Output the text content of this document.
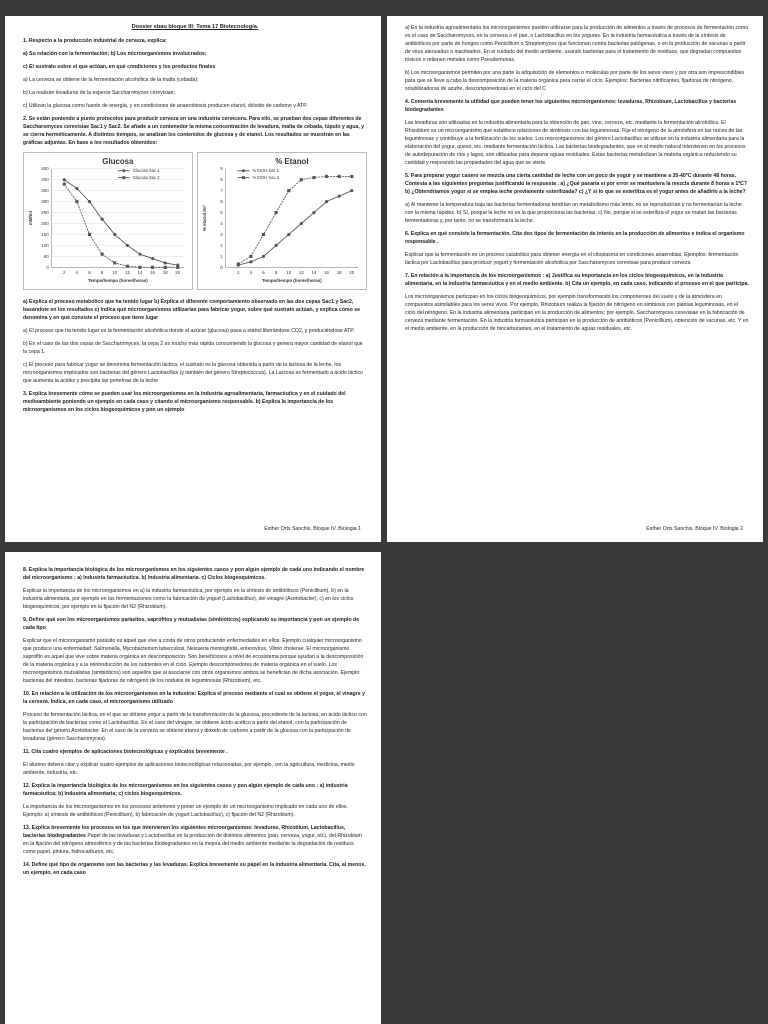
Dossier ebau bloque III: Tema 17 Biotecnología.

1. Respecto a la producción industrial de cerveza, explica:

a) Su relación con la fermentación; b) Los microorganismos involucrados;

c) El sustrato sobre el que actúan, en qué condiciones y los productos finales

a) La cerveza se obtiene de la fermentación alcohólica de la malta (cebada);

b) La realizan levaduras de la especie Saccharomyces cerevisiae;

c) Utilizan la glucosa como fuente de energía, y en condiciones de anaerobiosis producen etanol, dióxido de carbono y ATP.

2. Se están poniendo a punto protocolos para producir cerveza en una industria cervecera. Para ello, se prueban dos cepas diferentes de Saccharomyces cerevisiae Sac1 y Sac2. Se añade a un contenedor la misma concentración de levadura, malta de cebada, lúpulo y agua, y se cierra herméticamente. A distintos tiempos, se analizan los contenidos de glucosa y de etanol. Los resultados se muestran en las gráficas adjuntas. En base a los resultados obtenidos:

Glucosa
0
50
100
150
200
250
300
350
400
450
2 4 6 8 10 12 14 16 18 20
Tempo/tiempo (hores/horas)
mM/ml
Glucosa Sac 1
Glucosa Sac 2
% Etanol
0
1
2
3
4
5
6
7
8
9
2 4 6 8 10 12 14 16 18 20
Tempo/tiempo (hores/horas)
% etanol /m³
% EtOH Sac 1
% EtOH Sac 2

a) Explica el proceso metabólico que ha tenido lugar b) Explica el diferente comportamiento observado en las dos cepas Sac1 y Sac2, basándote en los resultados c) Indica qué microorganismos utilizarías para fabricar yogur, sobre qué sustrato actúan, y explica cómo se denomina y en qué consiste el proceso que tiene lugar

a) El proceso que ha tenido lugar es la fermentación alcohólica donde el azúcar (glucosa) pasa a etanol liberándose CO2, y produciéndose ATP.

b) En el caso de las dos cepas de Saccharomyces, la cepa 2 es mucho más rápida consumiendo la glucosa y genera mayor cantidad de etanol que la cepa 1.

c) El proceso para fabricar yogur se denomina fermentación láctica, el sustrato es la glucosa obtenida a partir de la lactosa de la leche, los microorganismos implicados son bacterias del género Lactobacillus (y también del género Streptococcus). La Lactosa es fermentado a ácido láctico que aumenta la acidez y precipita las proteínas de la leche

3. Explica brevemente cómo se pueden usar los microorganismos en la industria agroalimentaria, farmacéutica y en el cuidado del medioambiente poniendo un ejemplo en cada caso y citando el microorganismo responsable. b) Explica la importancia de los microorganismos en los ciclos biogeoquímicos y pon un ejemplo

Esther Orts Sanchis. Bloque IV. Biologia 1

a) En la industria agroalimentaria los microorganismos pueden utilizarse para la producción de alimentos a través de procesos de fermentación como es el caso de Saccharomyces, en la cerveza o el pan, o Lactobacillus en los yogures. En la industria farmacéutica a través de la síntesis de antibióticos por parte de hongos como Penicillium o Streptomyces que funcionan contra bacterias patógenas, o en la producción de vacunas a partir de virus atenuados o inactivados. En el cuidado del medio ambiente, usando bacterias para el tratamiento de residuos, que degradan compuestos tóxicos o retienen metales como Pseudomonas.

b) Los microorganismos permiten por una parte la adquisición de elementos o moléculas por parte de los seres vivos y por otra son imprescindibles para que se lleve a cabo la descomposición de la materia orgánica para cerrar el ciclo. Ejemplos: Bacterias nitrificantes, fijadoras de nitrógeno, solubilizadoras de azufre, descomponedoras en el ciclo del C

4. Comenta brevemente la utilidad que pueden tener los siguientes microorganismos: levaduras, Rhizobium, Lactobacillus y bacterias biodegradantes

Las levaduras son utilizadas en la industria alimentaria para la obtención de pan, vino, cerveza, etc. mediante la fermentación alcohólica. El Rhizobium es un microorganismo que establece relaciones de simbiosis con las leguminosas. Fija el nitrógeno de la atmósfera en las raíces de las leguminosas y contribuye a la fertilización de los suelos. Los microorganismos del género Lactobacillus se utilizan en la industria alimentaria para la elaboración del yogur, queso, etc. mediante fermentación láctica. Las bacterias biodegradantes, que en el medio natural intervienen en los procesos de autodepuración de ríos y lagos, son utilizadas para depurar aguas residuales. Estas bacterias metabolizan la materia orgánica reduciendo su cantidad y mejorando las propiedades del agua que se vierte.

5. Para preparar yogur casero se mezcla una cierta cantidad de leche con un poco de yogur y se mantiene a 35-40ºC durante 48 horas. Contesta a las siguientes preguntas justificando la respuesta . a) ¿Qué pasaría si por error se mantuviera la mezcla durante 8 horas a 1ºC? b) ¿Obtendríamos yogur si se emplea leche previamente esterilizada? c) ¿Y si lo que se esteriliza es el yogur antes de añadirlo a la leche?

a) Al mantener la temperatura baja las bacterias fermentadoras tendrían un metabolismo más lento, no se reproducirían y no fermentarían la leche con la misma rapidez. b) Sí, porque la leche no es la que proporciona las bacterias. c) No, porque si se esteriliza el yogur se matan las bacterias fermentadoras y, por tanto, no se transformaría la leche.

6. Explica en qué consiste la fermentación. Cita dos tipos de fermentación de interés en la producción de alimentos e indica el organismo responsable .

Explicar que la fermentación es un proceso catabólico para obtener energía en el citoplasma en condiciones anaerobias. Ejemplos: fermentación láctica por Lactobacillus para producir yogurt y fermentación alcohólica por Saccharomyces cerevisae para producir cerveza

7. En relación a la importancia de los microorganismos : a) Justifica su importancia en los ciclos biogeoquímicos, en la industria alimentaria, en la industria farmacéutica y en el medio ambiente. b) Cita un ejemplo, en cada caso, indicando el proceso en el que participa.

Los microorganismos participan en los ciclos biogeoquímicos, por ejemplo transformando los componentes del suelo y de la atmósfera en compuestos asimilables para los seres vivos. Por ejemplo, Rhizobium realiza la fijación de nitrógeno en simbiosis con plantas leguminosas, en el ciclo del nitrógeno. En la industria alimentaria participan en la producción de alimentos; por ejemplo, Saccharomyces cerevisiae en la fabricación de cerveza mediante fermentación. En la industria farmacéutica participan en la producción de antibióticos (Penicillium), obtención de vacunas, etc. Y en el medio ambiente, en la producción de biocarburantes, en el tratamiento de aguas residuales, etc.

Esther Orts Sanchis. Bloque IV. Biologia 2

8. Explica la importancia biológica de los microorganismos en los siguientes casos y pon algún ejemplo de cada uno indicando el nombre del microorganismo : a) Industria farmacéutica. b) Industria alimentaria. c) Ciclos biogeoquímicos.

Explicar la importancia de los microorganismos en a) la industria farmacéutica, por ejemplo en la síntesis de antibióticos (Penicillium), b) en la industria alimentaria, por ejemplo en las fermentaciones como la fabricación de yogurt (Lactobacillus), del vinagre (Acetobacter), c) en los ciclos biogeoquímicos, por ejemplo en la fijación del N2 (Rhizobium).

9. Define qué son los microorganismos parásitos, saprófitos y mutualistas (simbióticos) explicando su importancia y pon un ejemplo de cada tipo

Explicar que el microorganismo parásito es aquel que vive a costa de otros produciendo enfermedades en ellos. Ejemplo cualquier microorganismo que produce una enfermedad: Salmonella, Mycobacterium tuberculosi, Neisseria meningitidis, enterovirus, Vibrio cholerae. El microorganismo saprófito es aquel que vive sobre materia orgánica en descomposición. Son beneficiosos a nivel de ecosistema porque ayudan a la descomposición de la materia orgánica y a la reintroducción de los nutrientes en el ciclo. Ejemplo descomponedores de materia orgánica en el suelo. Los microorganismos mutualistas (simbióticos) son aquellos que al asociarse con otros organismos ambos se benefician de dicha asociación. Ejemplo: bacterias del intestino, bacterias fijadoras de nitrógeno de los nódulos de leguminosas (Rhizobium), etc.

10. En relación a la utilización de los microorganismos en la industria: Explica el proceso mediante el cual se obtiene el yogur, el vinagre y la cerveza. Indica, en cada caso, el microorganismo utilizado

Proceso de fermentación láctica, en el que se obtiene yogur a partir de la transformación de la glucosa, procedente de la lactosa, en ácido láctico con la participación de bacterias como el Lactobacillus. En el caso del vinagre, se obtiene ácido acético a partir del etanol, con la participación de bacterias del género Acetobacter. En el caso de la cerveza se obtiene etanol y dióxido de carbono a partir de la glucosa con la participación de levaduras (género Saccharomyces).

11. Cita cuatro ejemplos de aplicaciones biotecnológicas y explícalos brevemente .

El alumno deberá citar y explicar cuatro ejemplos de aplicaciones biotecnológicas relacionadas, por ejemplo, con la agricultura, medicina, medio ambiente, industria, etc.

12. Explica la importancia biológica de los microorganismos en los siguientes casos y pon algún ejemplo de cada uno : a) industria farmacéutica; b) industria alimentaria; c) ciclos biogeoquímicos.

La importancia de los microorganismos en los procesos anteriores y poner un ejemplo de un microorganismo implicado en cada uno de ellos. Ejemplo: a) síntesis de antibióticos (Penicillium), b) fabricación de yogurt Lactobacillus), c) fijación del N2 (Rhizobium).

13. Explica brevemente los procesos en los que intervienen los siguientes microorganismos: levaduras, Rhizobium, Lactobacillus, bacterias biodegradantes Papel de las levaduras y Lactobacillus en la producción de distintos alimentos (pan, cerveza, yogur, etc), del Rhizobium en la fijación del nitrógeno atmosférico y de las bacterias biodegradantes en la mejora del medio ambiente mediante la degradación de residuos como papel, pintura, hidrocarburos, etc.

14. Define qué tipo de organismo son las bacterias y las levaduras. Explica brevemente su papel en la industria alimentaria. Cita, al menos, un ejemplo, en cada caso
